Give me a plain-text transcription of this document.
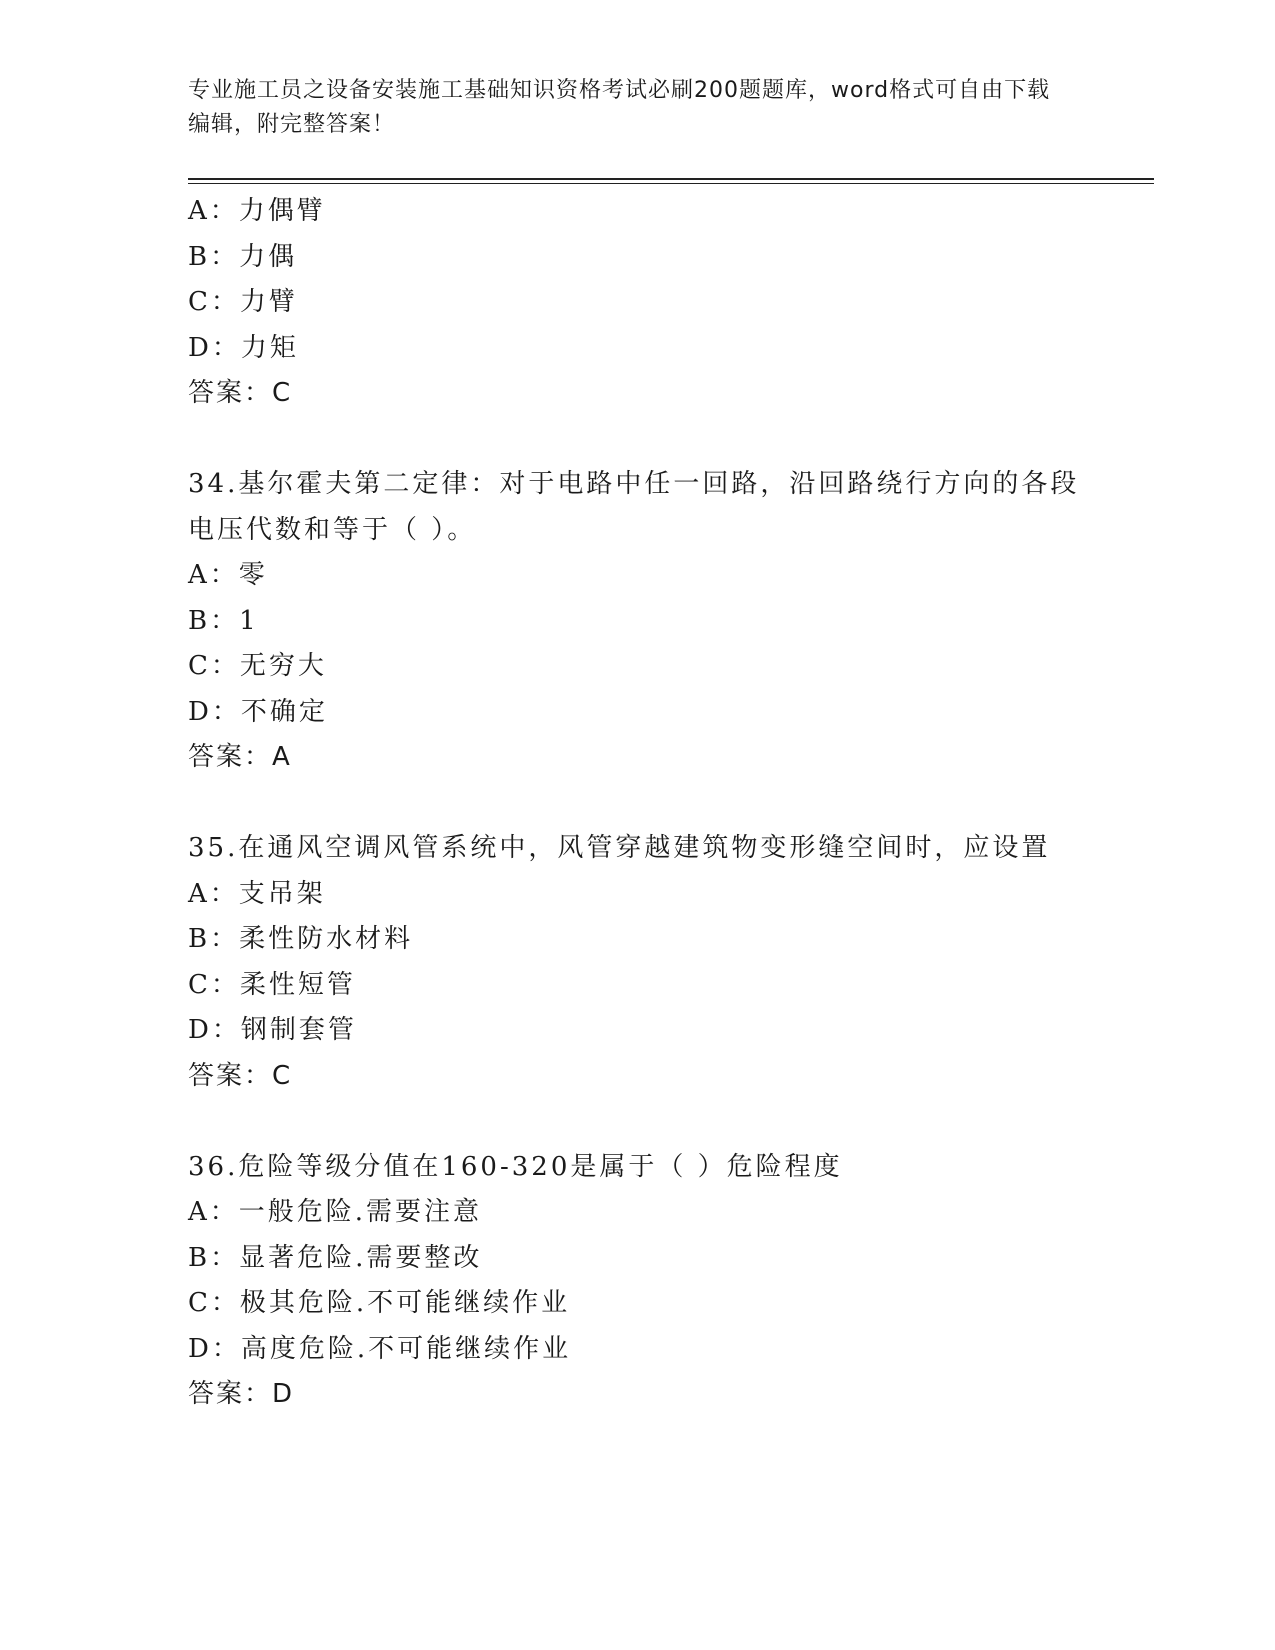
专业施工员之设备安装施工基础知识资格考试必刷200题题库，word格式可自由下载编辑，附完整答案！
A：力偶臂
B：力偶
C：力臂
D：力矩
答案：C
34.基尔霍夫第二定律：对于电路中任一回路，沿回路绕行方向的各段
电压代数和等于（ ）。
A：零
B：1
C：无穷大
D：不确定
答案：A
35.在通风空调风管系统中，风管穿越建筑物变形缝空间时，应设置
A：支吊架
B：柔性防水材料
C：柔性短管
D：钢制套管
答案：C
36.危险等级分值在160-320是属于（ ）危险程度
A：一般危险.需要注意
B：显著危险.需要整改
C：极其危险.不可能继续作业
D：高度危险.不可能继续作业
答案：D
